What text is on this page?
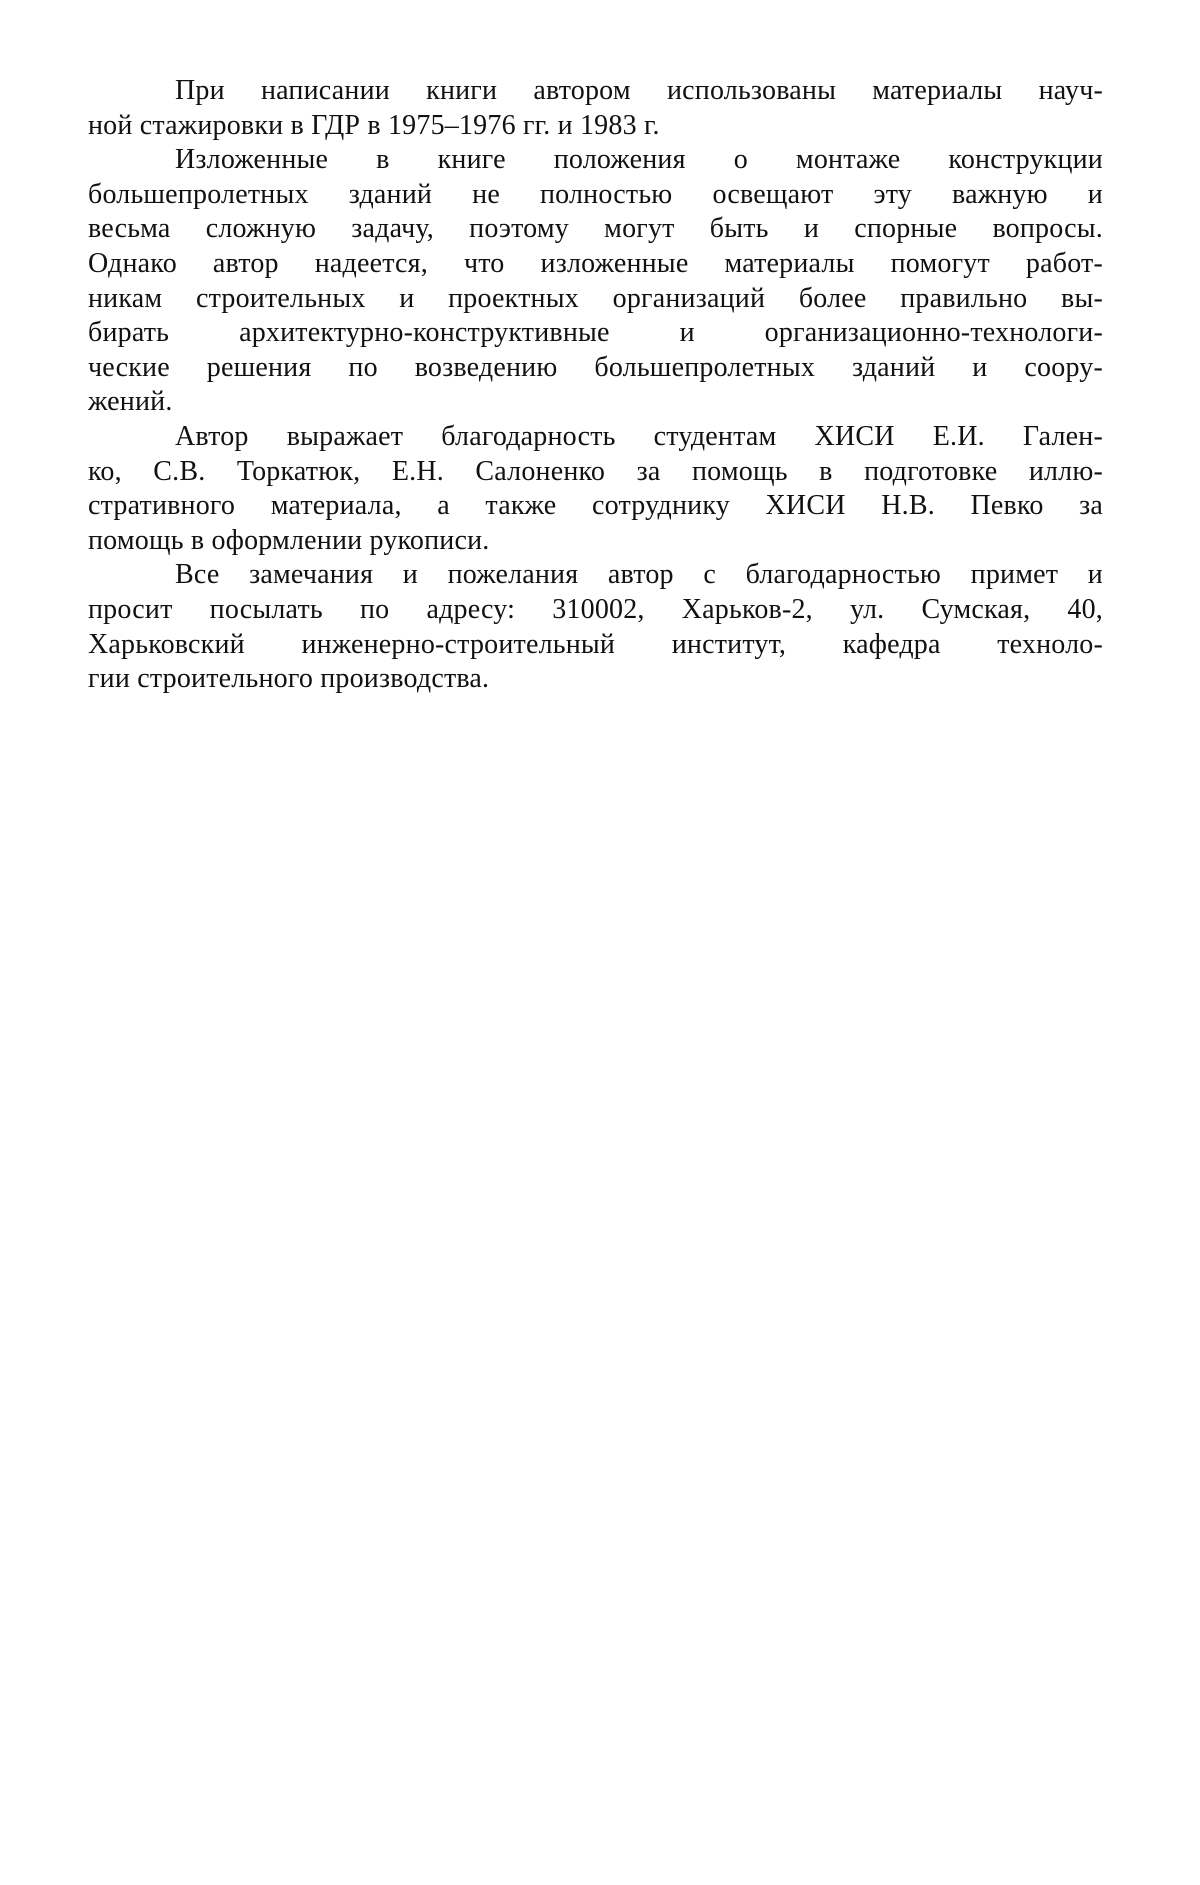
При написании книги автором использованы материалы науч-
ной стажировки в ГДР в 1975–1976 гг. и 1983 г.
Изложенные в книге положения о монтаже конструкции
большепролетных зданий не полностью освещают эту важную и
весьма сложную задачу, поэтому могут быть и спорные вопросы.
Однако автор надеется, что изложенные материалы помогут работ-
никам строительных и проектных организаций более правильно вы-
бирать архитектурно-конструктивные и организационно-технологи-
ческие решения по возведению большепролетных зданий и соору-
жений.
Автор выражает благодарность студентам ХИСИ Е.И. Гален-
ко, С.В. Торкатюк, Е.Н. Салоненко за помощь в подготовке иллю-
стративного материала, а также сотруднику ХИСИ Н.В. Певко за
помощь в оформлении рукописи.
Все замечания и пожелания автор с благодарностью примет и
просит посылать по адресу: 310002, Харьков-2, ул. Сумская, 40,
Харьковский инженерно-строительный институт, кафедра техноло-
гии строительного производства.
